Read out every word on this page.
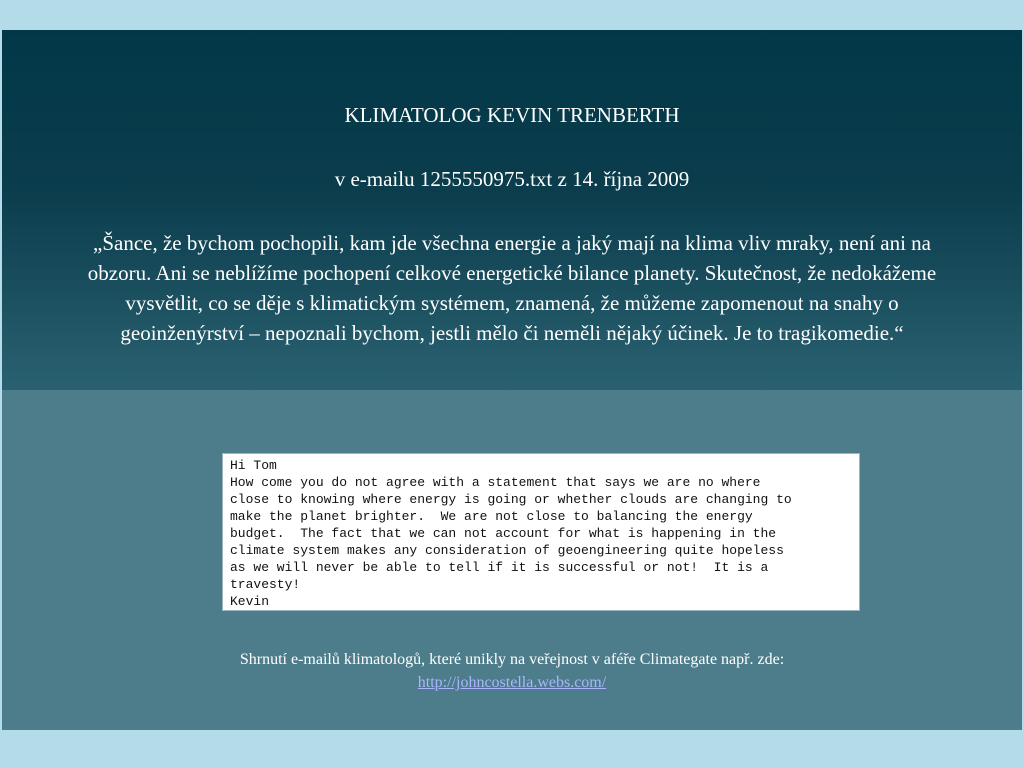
KLIMATOLOG KEVIN TRENBERTH

v e-mailu 1255550975.txt z 14. října 2009

„Šance, že bychom pochopili, kam jde všechna energie a jaký mají na klima vliv mraky, není ani na obzoru. Ani se neblížíme pochopení celkové energetické bilance planety. Skutečnost, že nedokážeme vysvětlit, co se děje s klimatickým systémem, znamená, že můžeme zapomenout na snahy o geoinženýrství – nepoznali bychom, jestli mělo či neměli nějaký účinek. Je to tragikomedie.“

Hi Tom
How come you do not agree with a statement that says we are no where
close to knowing where energy is going or whether clouds are changing to
make the planet brighter.  We are not close to balancing the energy
budget.  The fact that we can not account for what is happening in the
climate system makes any consideration of geoengineering quite hopeless
as we will never be able to tell if it is successful or not!  It is a
travesty!
Kevin

Shrnutí e-mailů klimatologů, které unikly na veřejnost v aféře Climategate např. zde:
http://johncostella.webs.com/
